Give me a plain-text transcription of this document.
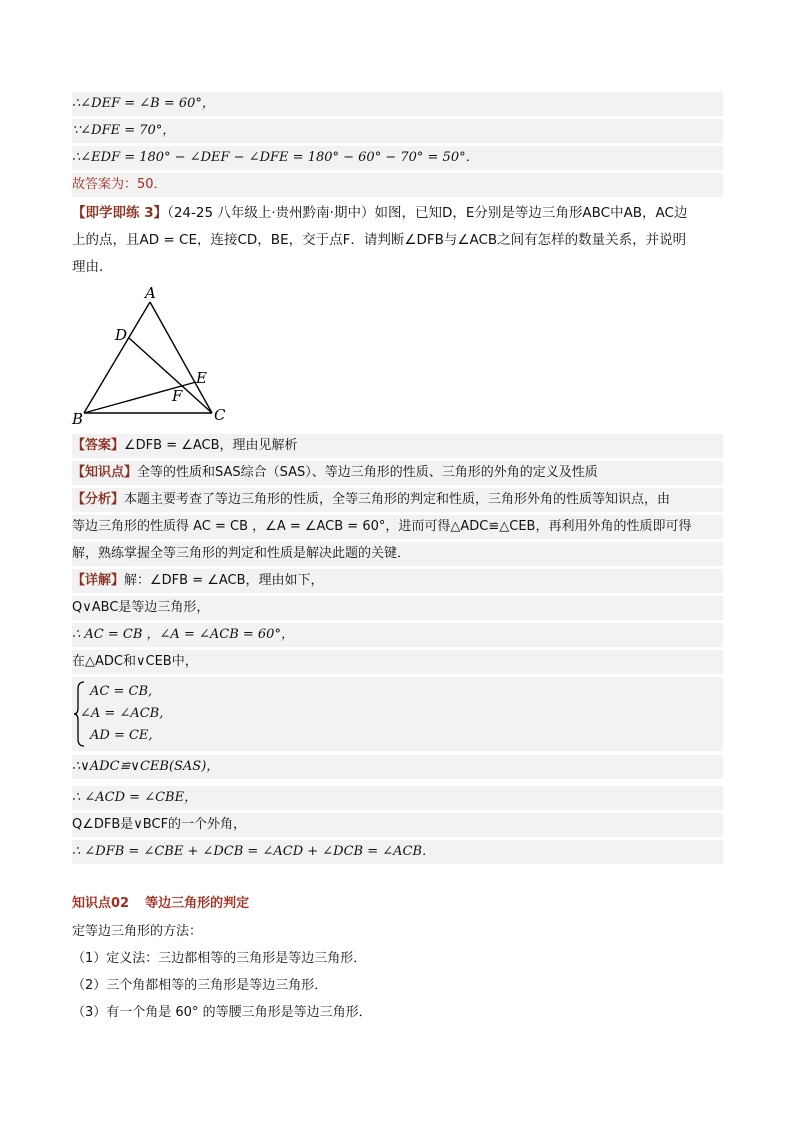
∴∠DEF = ∠B = 60°，
∵∠DFE = 70°，
∴∠EDF = 180° − ∠DEF − ∠DFE = 180° − 60° − 70° = 50°．
故答案为：50．
【即学即练 3】（24-25 八年级上·贵州黔南·期中）如图，已知D，E分别是等边三角形ABC中AB，AC边
上的点，且AD = CE，连接CD，BE，交于点F．请判断∠DFB与∠ACB之间有怎样的数量关系，并说明
理由．
A
D
E
F
B	C
【答案】∠DFB = ∠ACB，理由见解析
【知识点】全等的性质和SAS综合（SAS）、等边三角形的性质、三角形的外角的定义及性质
【分析】本题主要考查了等边三角形的性质，全等三角形的判定和性质，三角形外角的性质等知识点，由
等边三角形的性质得 AC = CB ，∠A = ∠ACB = 60°，进而可得△ADC≌△CEB，再利用外角的性质即可得
解，熟练掌握全等三角形的判定和性质是解决此题的关键．
【详解】解：∠DFB = ∠ACB，理由如下，
Q∨ABC是等边三角形，
∴ AC = CB ，∠A = ∠ACB = 60°，
在△ADC和∨CEB中，
AC = CB,
∠A = ∠ACB,
AD = CE,
∴∨ADC≌∨CEB(SAS)，
∴ ∠ACD = ∠CBE，
Q∠DFB是∨BCF的一个外角，
∴ ∠DFB = ∠CBE + ∠DCB = ∠ACD + ∠DCB = ∠ACB．
知识点02 等边三角形的判定
定等边三角形的方法：
（1）定义法：三边都相等的三角形是等边三角形．
（2）三个角都相等的三角形是等边三角形．
（3）有一个角是 60° 的等腰三角形是等边三角形．
